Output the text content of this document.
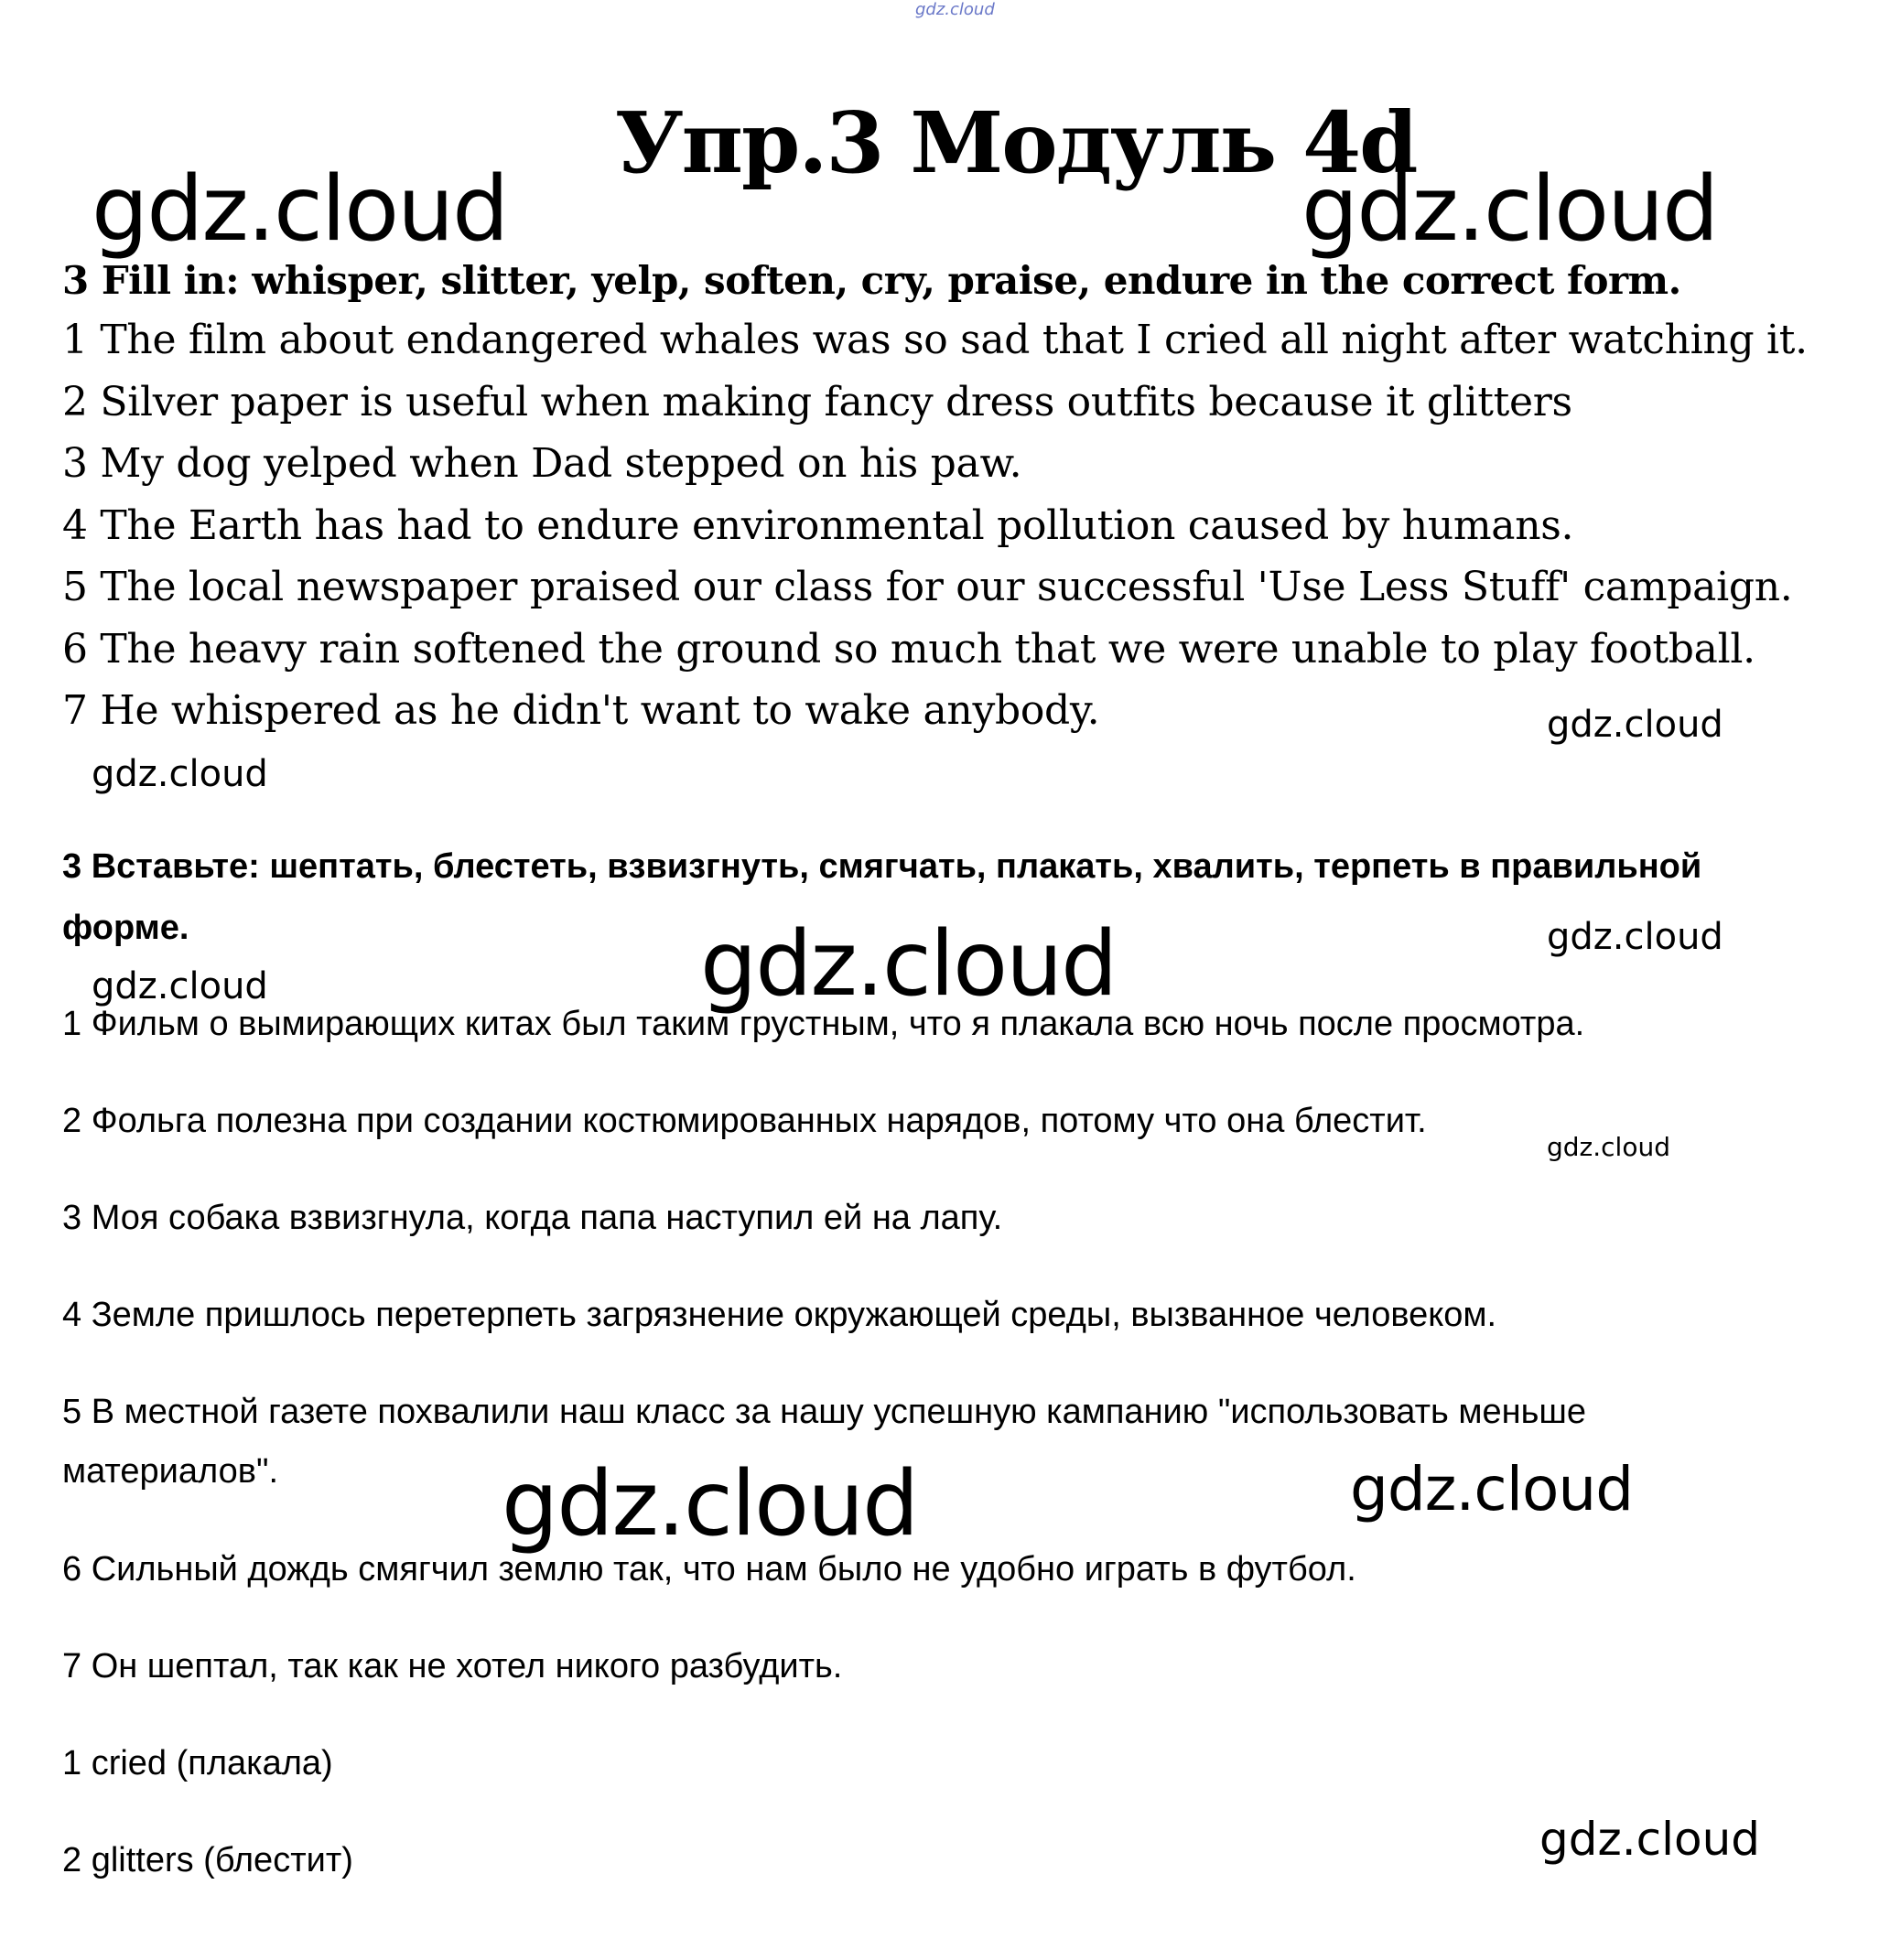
gdz.cloud
gdz.cloud	gdz.cloud
gdz.cloud
gdz.cloud
gdz.cloud
gdz.cloud	gdz.cloud
gdz.cloud
gdz.cloud	gdz.cloud
gdz.cloud
Упр.3 Модуль 4d
3 Fill in: whisper, slitter, yelp, soften, cry, praise, endure in the correct form.
1 The film about endangered whales was so sad that I cried all night after watching it.
2 Silver paper is useful when making fancy dress outfits because it glitters
3 My dog yelped when Dad stepped on his paw.
4 The Earth has had to endure environmental pollution caused by humans.
5 The local newspaper praised our class for our successful 'Use Less Stuff' campaign.
6 The heavy rain softened the ground so much that we were unable to play football.
7 He whispered as he didn't want to wake anybody.
3 Вставьте: шептать, блестеть, взвизгнуть, смягчать, плакать, хвалить, терпеть в правильной
форме.
1 Фильм о вымирающих китах был таким грустным, что я плакала всю ночь после просмотра.
2 Фольга полезна при создании костюмированных нарядов, потому что она блестит.
3 Моя собака взвизгнула, когда папа наступил ей на лапу.
4 Земле пришлось перетерпеть загрязнение окружающей среды, вызванное человеком.
5 В местной газете похвалили наш класс за нашу успешную кампанию "использовать меньше
материалов".
6 Сильный дождь смягчил землю так, что нам было не удобно играть в футбол.
7 Он шептал, так как не хотел никого разбудить.
1 cried (плакала)
2 glitters (блестит)
